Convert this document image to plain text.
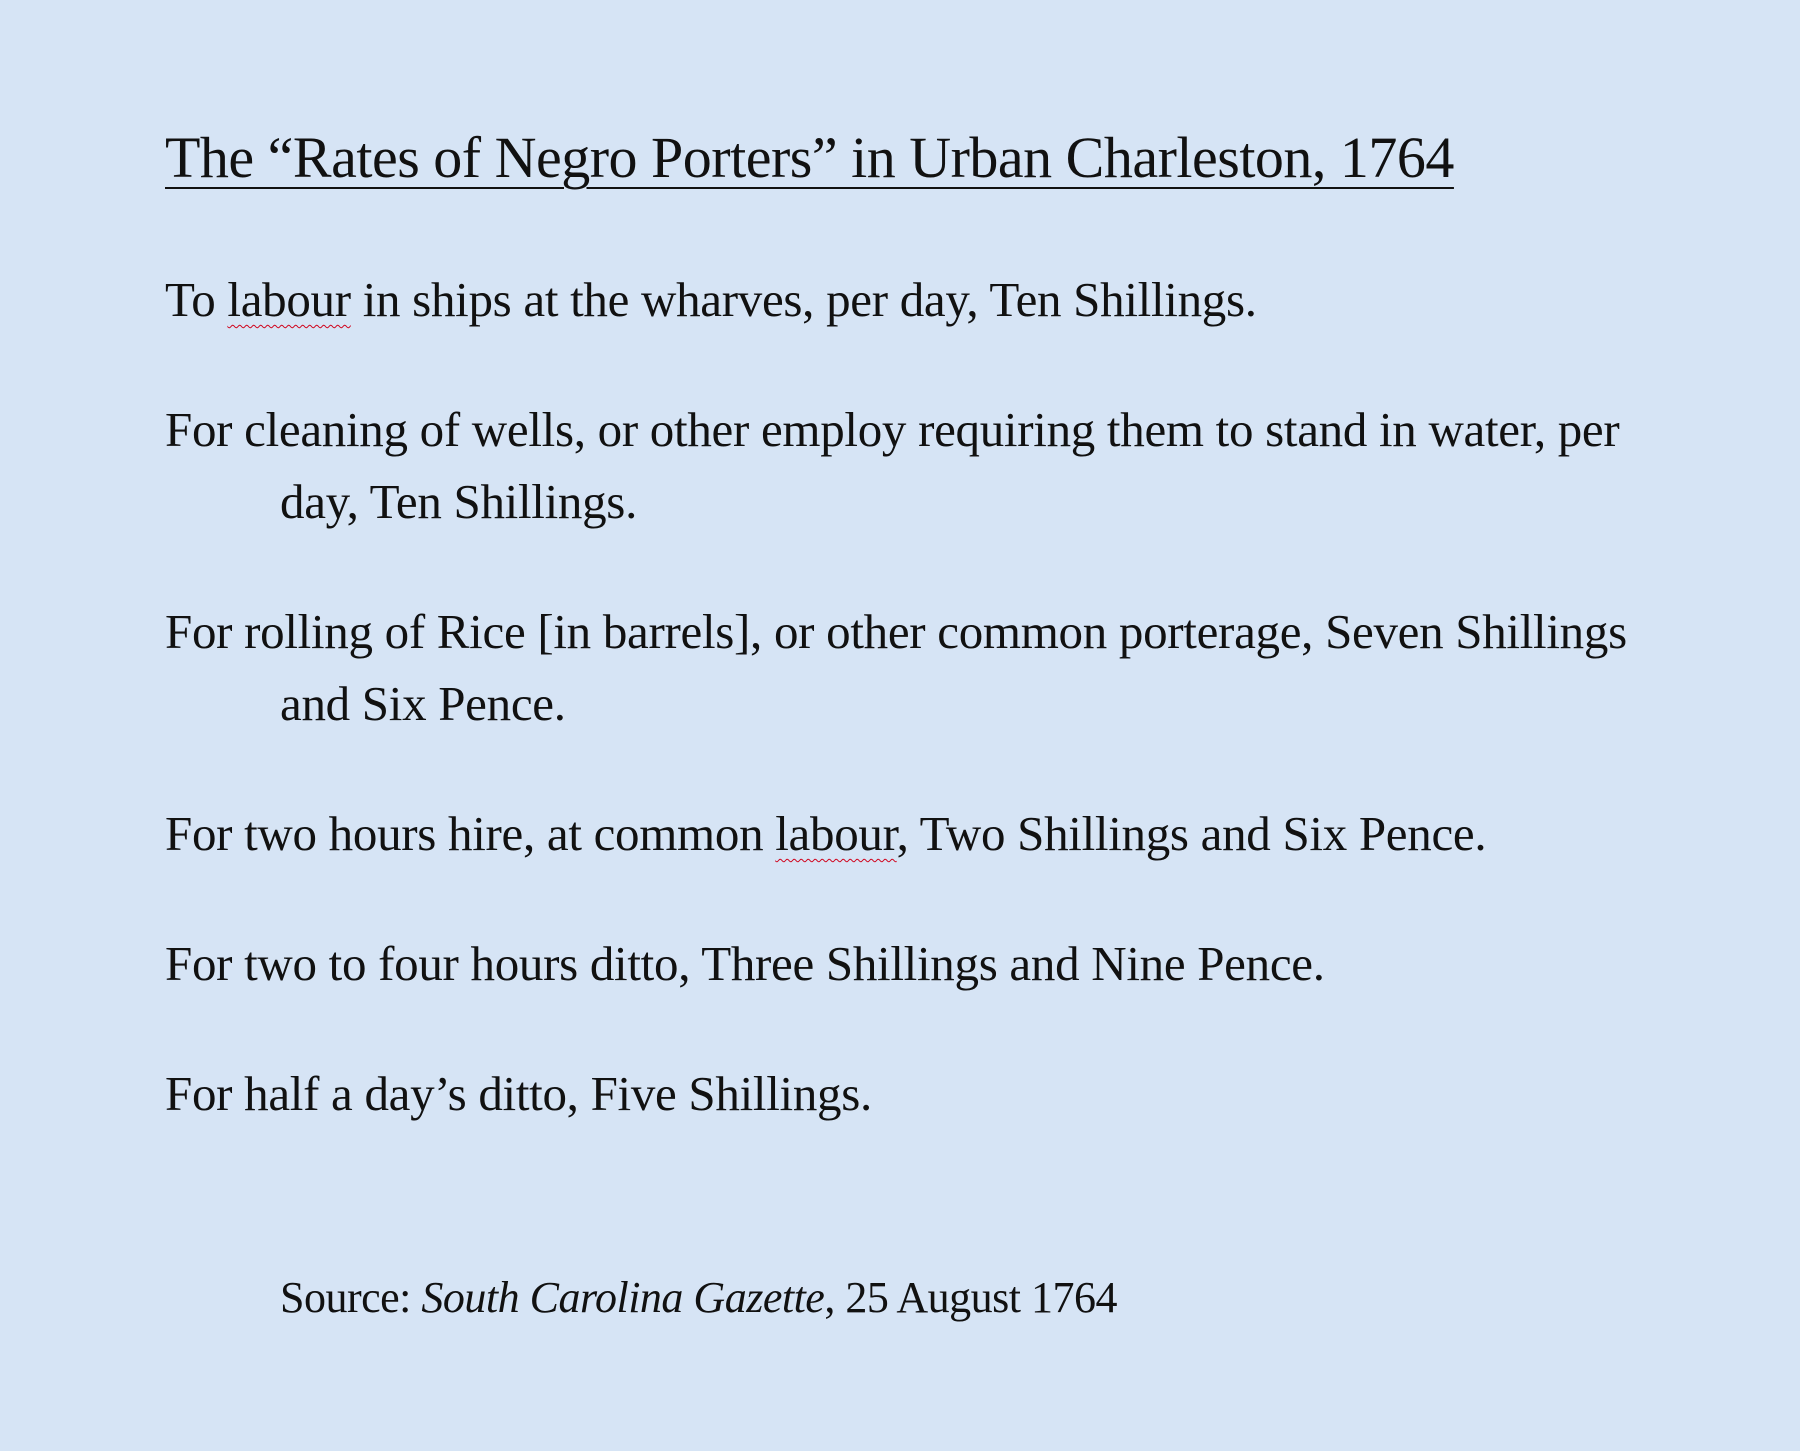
The “Rates of Negro Porters” in Urban Charleston, 1764

To labour in ships at the wharves, per day, Ten Shillings.

For cleaning of wells, or other employ requiring them to stand in water, per day, Ten Shillings.

For rolling of Rice [in barrels], or other common porterage, Seven Shillings and Six Pence.

For two hours hire, at common labour, Two Shillings and Six Pence.

For two to four hours ditto, Three Shillings and Nine Pence.

For half a day’s ditto, Five Shillings.

Source: South Carolina Gazette, 25 August 1764
